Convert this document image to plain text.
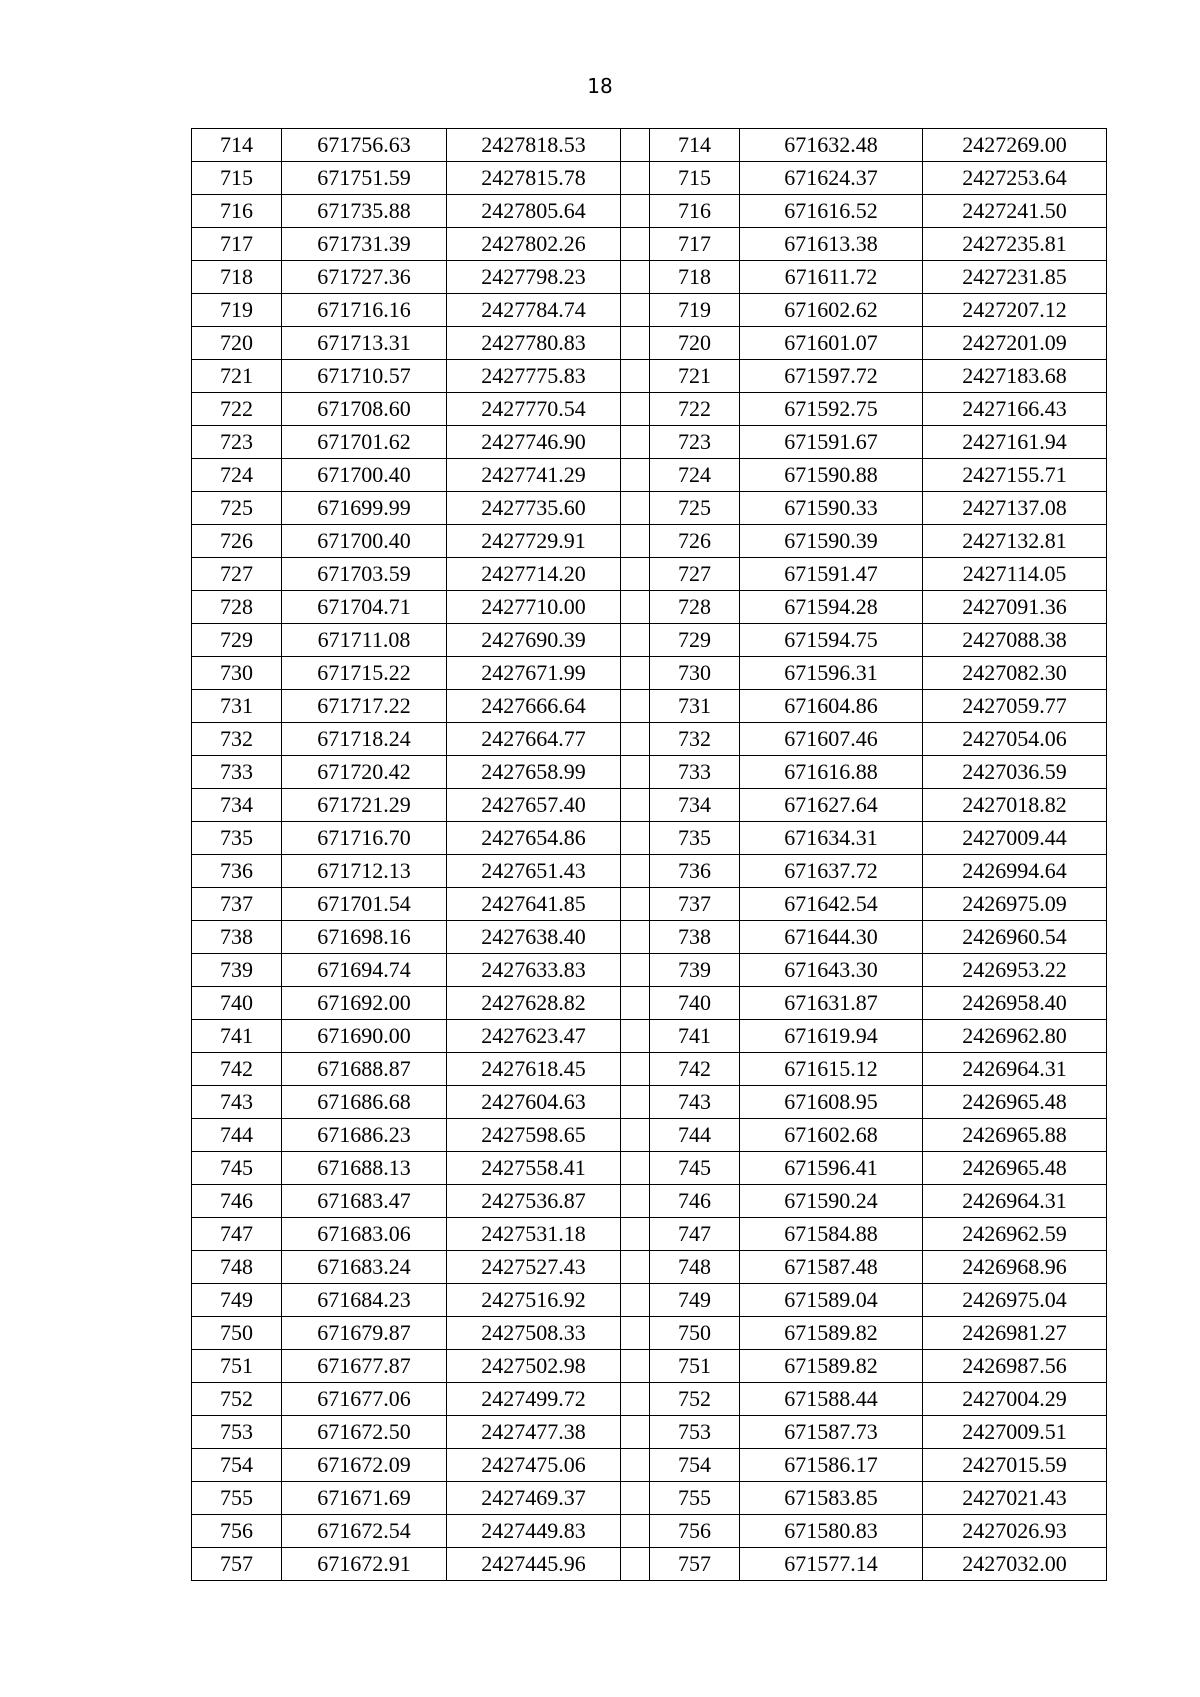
18
714	671756.63	2427818.53		714	671632.48	2427269.00
715	671751.59	2427815.78		715	671624.37	2427253.64
716	671735.88	2427805.64		716	671616.52	2427241.50
717	671731.39	2427802.26		717	671613.38	2427235.81
718	671727.36	2427798.23		718	671611.72	2427231.85
719	671716.16	2427784.74		719	671602.62	2427207.12
720	671713.31	2427780.83		720	671601.07	2427201.09
721	671710.57	2427775.83		721	671597.72	2427183.68
722	671708.60	2427770.54		722	671592.75	2427166.43
723	671701.62	2427746.90		723	671591.67	2427161.94
724	671700.40	2427741.29		724	671590.88	2427155.71
725	671699.99	2427735.60		725	671590.33	2427137.08
726	671700.40	2427729.91		726	671590.39	2427132.81
727	671703.59	2427714.20		727	671591.47	2427114.05
728	671704.71	2427710.00		728	671594.28	2427091.36
729	671711.08	2427690.39		729	671594.75	2427088.38
730	671715.22	2427671.99		730	671596.31	2427082.30
731	671717.22	2427666.64		731	671604.86	2427059.77
732	671718.24	2427664.77		732	671607.46	2427054.06
733	671720.42	2427658.99		733	671616.88	2427036.59
734	671721.29	2427657.40		734	671627.64	2427018.82
735	671716.70	2427654.86		735	671634.31	2427009.44
736	671712.13	2427651.43		736	671637.72	2426994.64
737	671701.54	2427641.85		737	671642.54	2426975.09
738	671698.16	2427638.40		738	671644.30	2426960.54
739	671694.74	2427633.83		739	671643.30	2426953.22
740	671692.00	2427628.82		740	671631.87	2426958.40
741	671690.00	2427623.47		741	671619.94	2426962.80
742	671688.87	2427618.45		742	671615.12	2426964.31
743	671686.68	2427604.63		743	671608.95	2426965.48
744	671686.23	2427598.65		744	671602.68	2426965.88
745	671688.13	2427558.41		745	671596.41	2426965.48
746	671683.47	2427536.87		746	671590.24	2426964.31
747	671683.06	2427531.18		747	671584.88	2426962.59
748	671683.24	2427527.43		748	671587.48	2426968.96
749	671684.23	2427516.92		749	671589.04	2426975.04
750	671679.87	2427508.33		750	671589.82	2426981.27
751	671677.87	2427502.98		751	671589.82	2426987.56
752	671677.06	2427499.72		752	671588.44	2427004.29
753	671672.50	2427477.38		753	671587.73	2427009.51
754	671672.09	2427475.06		754	671586.17	2427015.59
755	671671.69	2427469.37		755	671583.85	2427021.43
756	671672.54	2427449.83		756	671580.83	2427026.93
757	671672.91	2427445.96		757	671577.14	2427032.00
